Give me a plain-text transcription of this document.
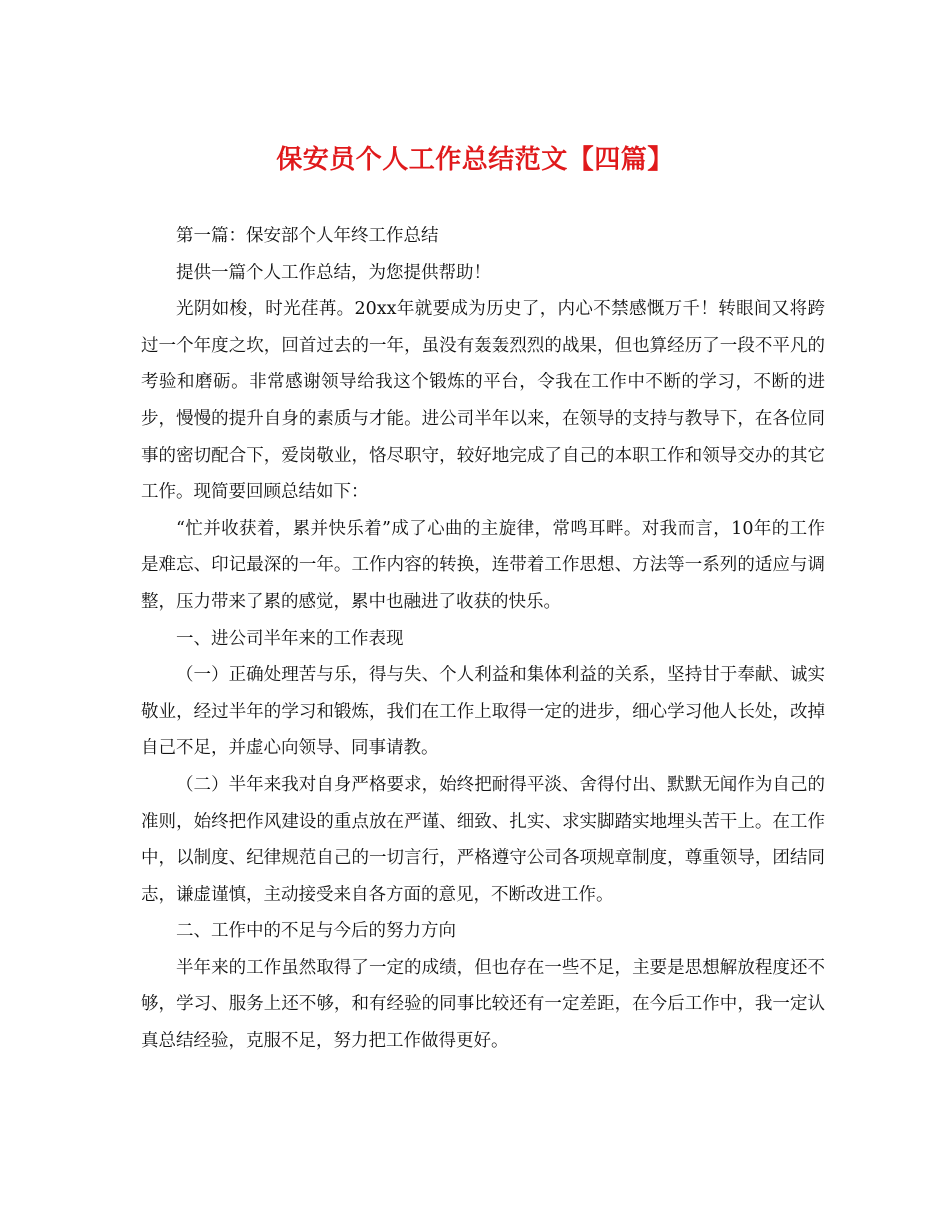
保安员个人工作总结范文【四篇】

第一篇：保安部个人年终工作总结

提供一篇个人工作总结，为您提供帮助！

光阴如梭，时光荏苒。20xx年就要成为历史了，内心不禁感慨万千！转眼间又将跨过一个年度之坎，回首过去的一年，虽没有轰轰烈烈的战果，但也算经历了一段不平凡的考验和磨砺。非常感谢领导给我这个锻炼的平台，令我在工作中不断的学习，不断的进步，慢慢的提升自身的素质与才能。进公司半年以来，在领导的支持与教导下，在各位同事的密切配合下，爱岗敬业，恪尽职守，较好地完成了自己的本职工作和领导交办的其它工作。现简要回顾总结如下：

“忙并收获着，累并快乐着”成了心曲的主旋律，常鸣耳畔。对我而言，10年的工作是难忘、印记最深的一年。工作内容的转换，连带着工作思想、方法等一系列的适应与调整，压力带来了累的感觉，累中也融进了收获的快乐。

一、进公司半年来的工作表现

（一）正确处理苦与乐，得与失、个人利益和集体利益的关系，坚持甘于奉献、诚实敬业，经过半年的学习和锻炼，我们在工作上取得一定的进步，细心学习他人长处，改掉自己不足，并虚心向领导、同事请教。

（二）半年来我对自身严格要求，始终把耐得平淡、舍得付出、默默无闻作为自己的准则，始终把作风建设的重点放在严谨、细致、扎实、求实脚踏实地埋头苦干上。在工作中，以制度、纪律规范自己的一切言行，严格遵守公司各项规章制度，尊重领导，团结同志，谦虚谨慎，主动接受来自各方面的意见，不断改进工作。

二、工作中的不足与今后的努力方向

半年来的工作虽然取得了一定的成绩，但也存在一些不足，主要是思想解放程度还不够，学习、服务上还不够，和有经验的同事比较还有一定差距，在今后工作中，我一定认真总结经验，克服不足，努力把工作做得更好。
